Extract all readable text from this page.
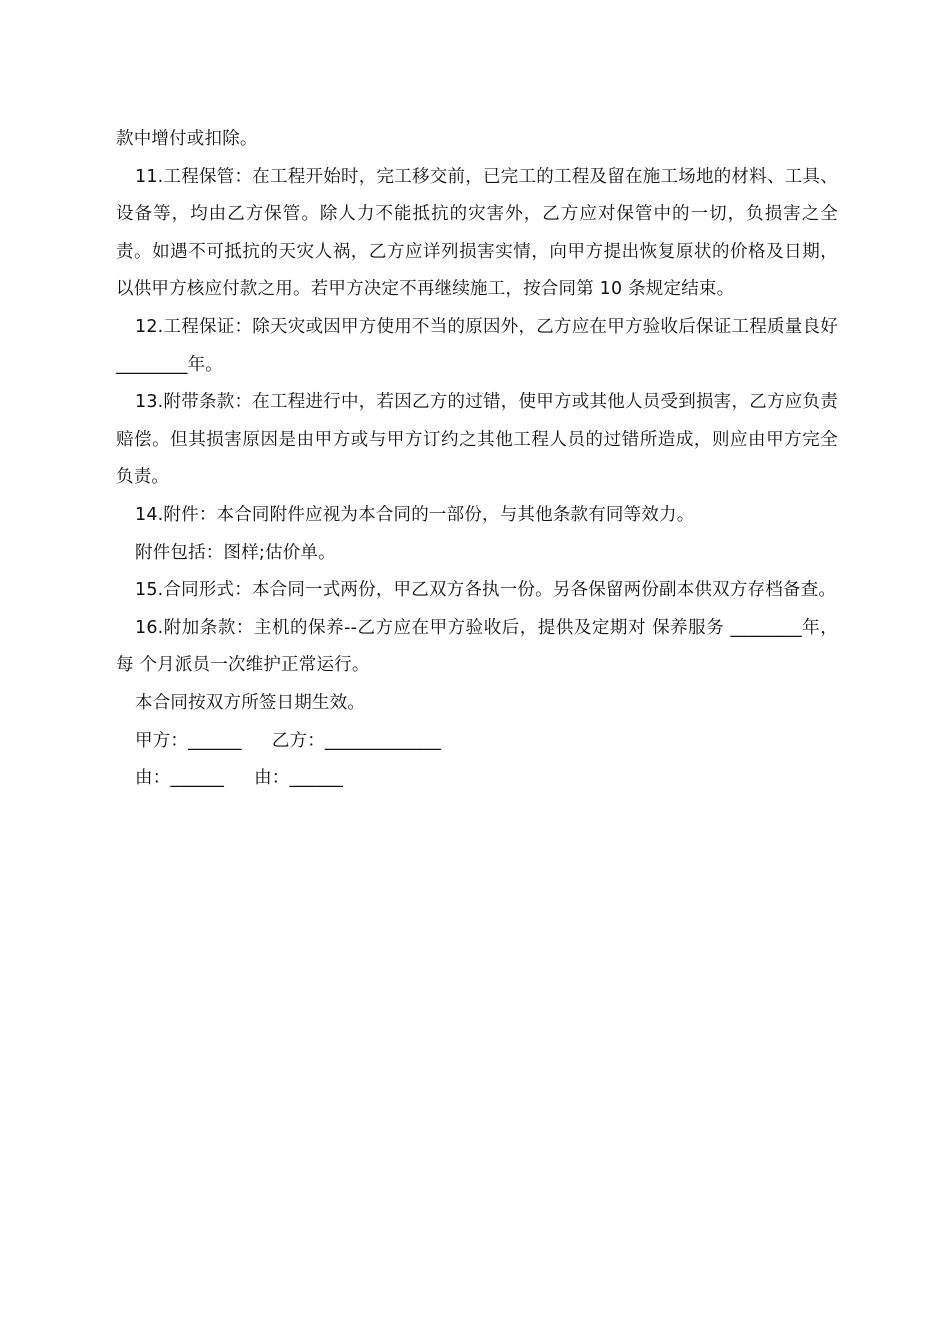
款中增付或扣除。

11.工程保管：在工程开始时，完工移交前，已完工的工程及留在施工场地的材料、工具、设备等，均由乙方保管。除人力不能抵抗的灾害外，乙方应对保管中的一切，负损害之全责。如遇不可抵抗的天灾人祸，乙方应详列损害实情，向甲方提出恢复原状的价格及日期，以供甲方核应付款之用。若甲方决定不再继续施工，按合同第 10 条规定结束。

12.工程保证：除天灾或因甲方使用不当的原因外，乙方应在甲方验收后保证工程质量良好 ________年。

13.附带条款：在工程进行中，若因乙方的过错，使甲方或其他人员受到损害，乙方应负责赔偿。但其损害原因是由甲方或与甲方订约之其他工程人员的过错所造成，则应由甲方完全负责。

14.附件：本合同附件应视为本合同的一部份，与其他条款有同等效力。

附件包括：图样;估价单。

15.合同形式：本合同一式两份，甲乙双方各执一份。另各保留两份副本供双方存档备查。

16.附加条款：主机的保养--乙方应在甲方验收后，提供及定期对 保养服务 ________年，每 个月派员一次维护正常运行。

本合同按双方所签日期生效。

甲方：______ 乙方：_____________
由：______ 由：______
